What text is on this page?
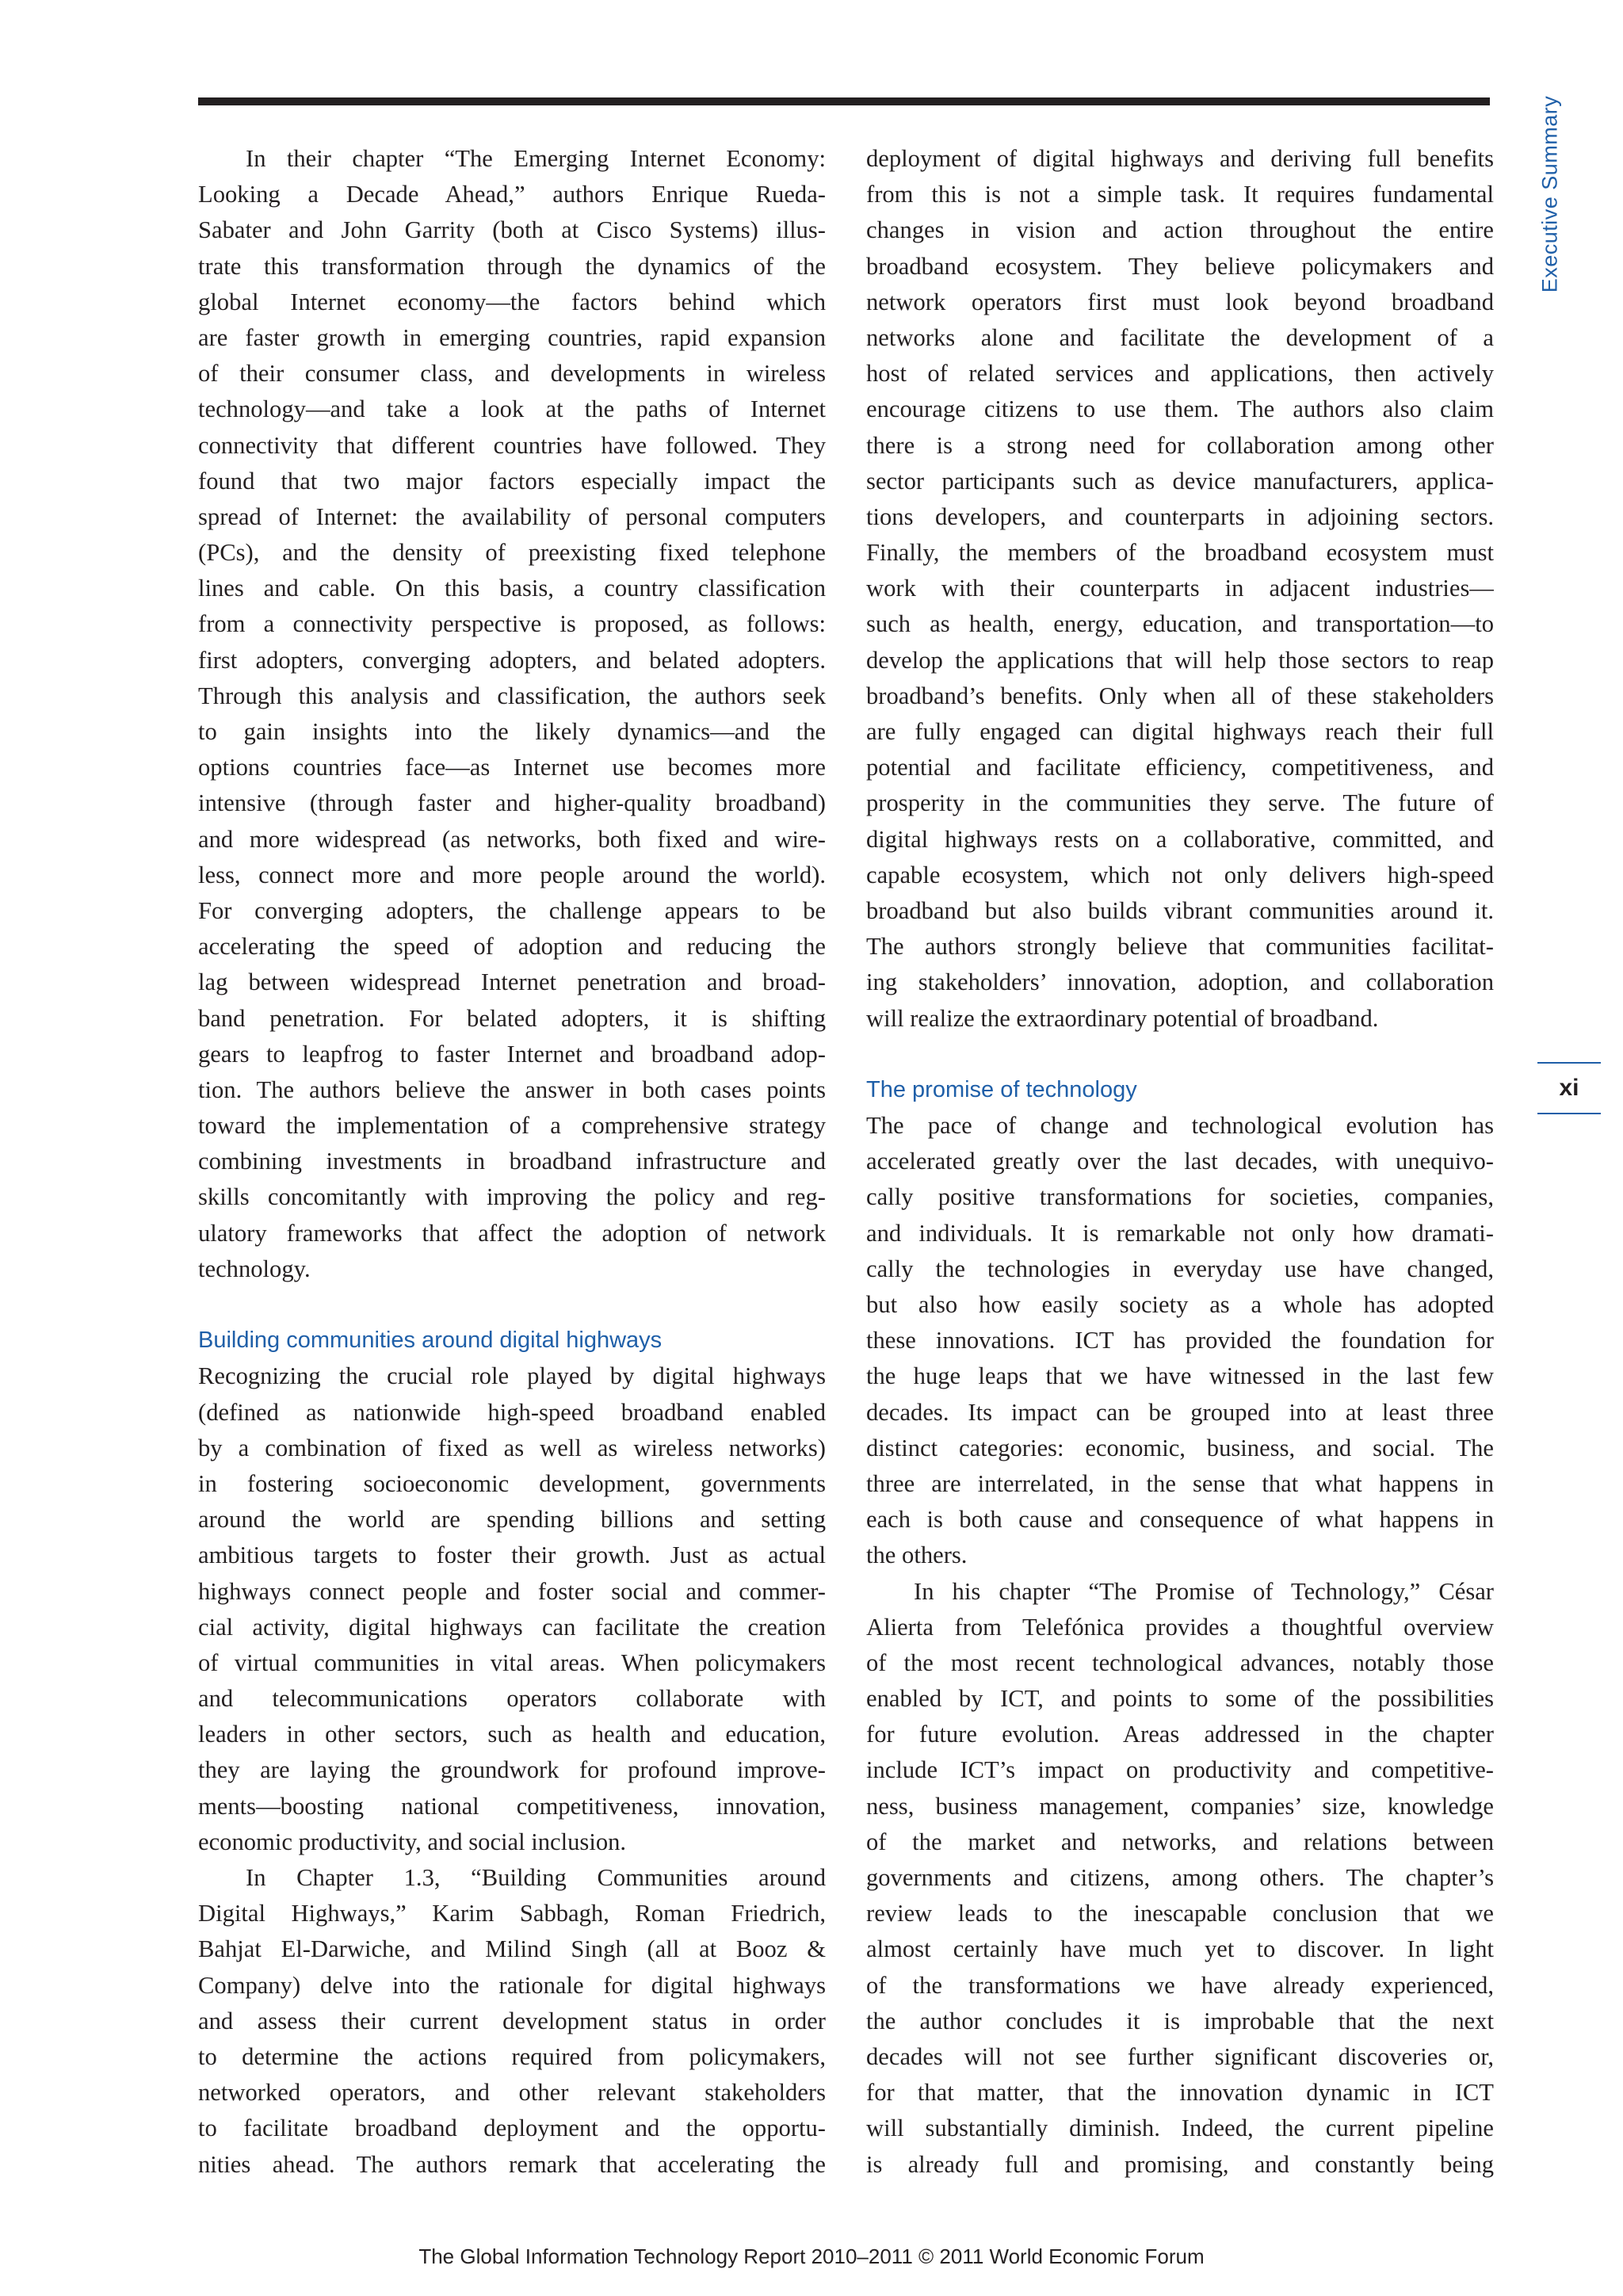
Executive Summary
xi
In their chapter “The Emerging Internet Economy:
Looking a Decade Ahead,” authors Enrique Rueda-
Sabater and John Garrity (both at Cisco Systems) illus-
trate this transformation through the dynamics of the
global Internet economy—the factors behind which
are faster growth in emerging countries, rapid expansion
of their consumer class, and developments in wireless
technology—and take a look at the paths of Internet
connectivity that different countries have followed. They
found that two major factors especially impact the
spread of Internet: the availability of personal computers
(PCs), and the density of preexisting fixed telephone
lines and cable. On this basis, a country classification
from a connectivity perspective is proposed, as follows:
first adopters, converging adopters, and belated adopters.
Through this analysis and classification, the authors seek
to gain insights into the likely dynamics—and the
options countries face—as Internet use becomes more
intensive (through faster and higher-quality broadband)
and more widespread (as networks, both fixed and wire-
less, connect more and more people around the world).
For converging adopters, the challenge appears to be
accelerating the speed of adoption and reducing the
lag between widespread Internet penetration and broad-
band penetration. For belated adopters, it is shifting
gears to leapfrog to faster Internet and broadband adop-
tion. The authors believe the answer in both cases points
toward the implementation of a comprehensive strategy
combining investments in broadband infrastructure and
skills concomitantly with improving the policy and reg-
ulatory frameworks that affect the adoption of network
technology.
Building communities around digital highways
Recognizing the crucial role played by digital highways
(defined as nationwide high-speed broadband enabled
by a combination of fixed as well as wireless networks)
in fostering socioeconomic development, governments
around the world are spending billions and setting
ambitious targets to foster their growth. Just as actual
highways connect people and foster social and commer-
cial activity, digital highways can facilitate the creation
of virtual communities in vital areas. When policymakers
and telecommunications operators collaborate with
leaders in other sectors, such as health and education,
they are laying the groundwork for profound improve-
ments—boosting national competitiveness, innovation,
economic productivity, and social inclusion.
In Chapter 1.3, “Building Communities around
Digital Highways,” Karim Sabbagh, Roman Friedrich,
Bahjat El-Darwiche, and Milind Singh (all at Booz &
Company) delve into the rationale for digital highways
and assess their current development status in order
to determine the actions required from policymakers,
networked operators, and other relevant stakeholders
to facilitate broadband deployment and the opportu-
nities ahead. The authors remark that accelerating the
deployment of digital highways and deriving full benefits
from this is not a simple task. It requires fundamental
changes in vision and action throughout the entire
broadband ecosystem. They believe policymakers and
network operators first must look beyond broadband
networks alone and facilitate the development of a
host of related services and applications, then actively
encourage citizens to use them. The authors also claim
there is a strong need for collaboration among other
sector participants such as device manufacturers, applica-
tions developers, and counterparts in adjoining sectors.
Finally, the members of the broadband ecosystem must
work with their counterparts in adjacent industries—
such as health, energy, education, and transportation—to
develop the applications that will help those sectors to reap
broadband’s benefits. Only when all of these stakeholders
are fully engaged can digital highways reach their full
potential and facilitate efficiency, competitiveness, and
prosperity in the communities they serve. The future of
digital highways rests on a collaborative, committed, and
capable ecosystem, which not only delivers high-speed
broadband but also builds vibrant communities around it.
The authors strongly believe that communities facilitat-
ing stakeholders’ innovation, adoption, and collaboration
will realize the extraordinary potential of broadband.
The promise of technology
The pace of change and technological evolution has
accelerated greatly over the last decades, with unequivo-
cally positive transformations for societies, companies,
and individuals. It is remarkable not only how dramati-
cally the technologies in everyday use have changed,
but also how easily society as a whole has adopted
these innovations. ICT has provided the foundation for
the huge leaps that we have witnessed in the last few
decades. Its impact can be grouped into at least three
distinct categories: economic, business, and social. The
three are interrelated, in the sense that what happens in
each is both cause and consequence of what happens in
the others.
In his chapter “The Promise of Technology,” César
Alierta from Telefónica provides a thoughtful overview
of the most recent technological advances, notably those
enabled by ICT, and points to some of the possibilities
for future evolution. Areas addressed in the chapter
include ICT’s impact on productivity and competitive-
ness, business management, companies’ size, knowledge
of the market and networks, and relations between
governments and citizens, among others. The chapter’s
review leads to the inescapable conclusion that we
almost certainly have much yet to discover. In light
of the transformations we have already experienced,
the author concludes it is improbable that the next
decades will not see further significant discoveries or,
for that matter, that the innovation dynamic in ICT
will substantially diminish. Indeed, the current pipeline
is already full and promising, and constantly being
The Global Information Technology Report 2010–2011 © 2011 World Economic Forum
